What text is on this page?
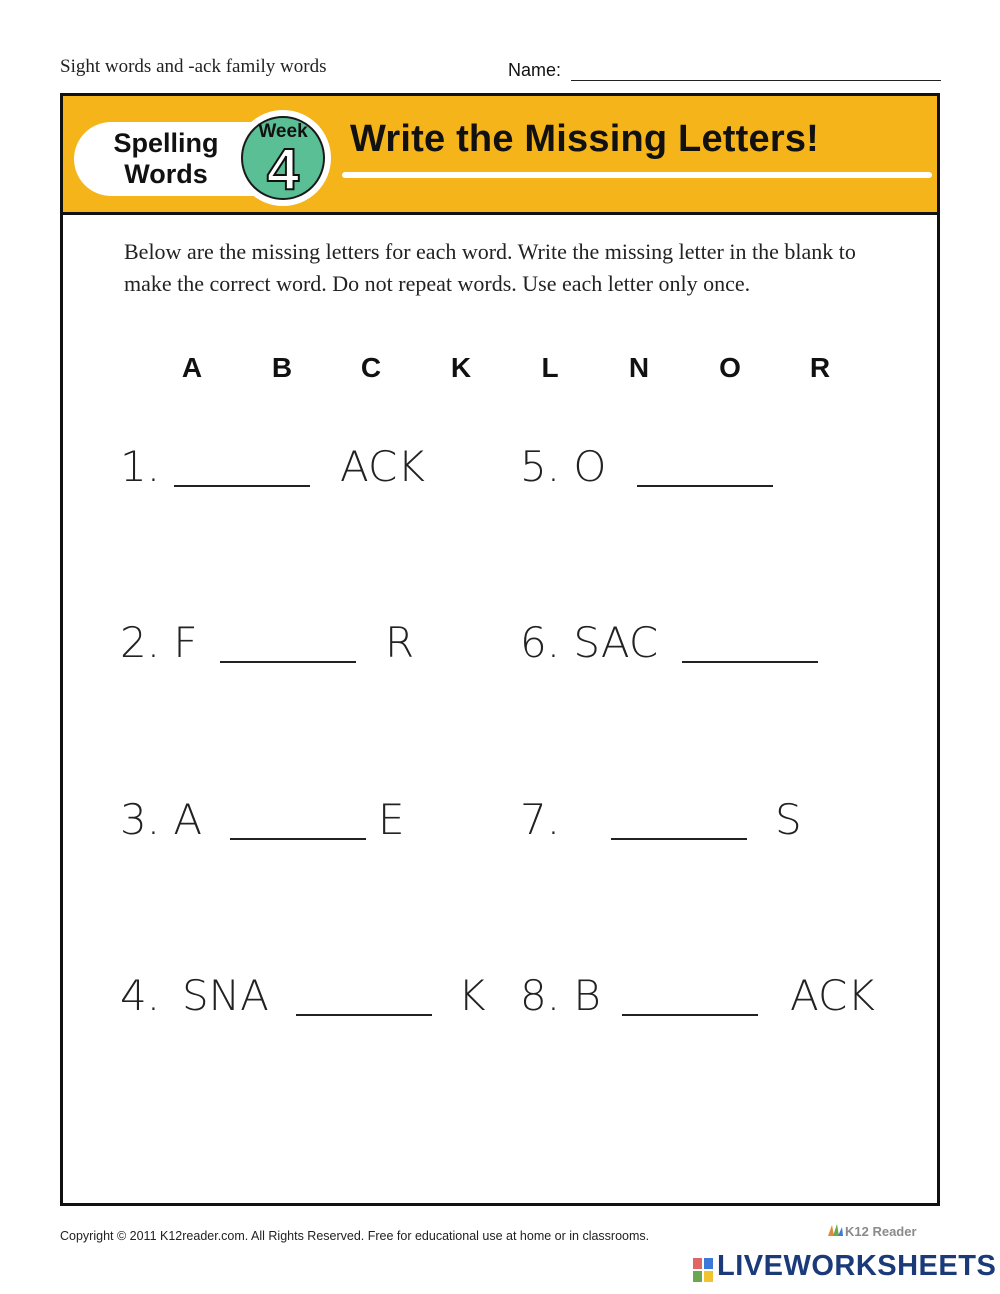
Sight words and -ack family words	Name:
Spelling Words
Week
4	Write the Missing Letters!
Below are the missing letters for each word. Write the missing letter in the blank to make the correct word. Do not repeat words. Use each letter only once.
A	B	C	K	L	N	O	R
1.	ACK 5. O
2. F	R	6. SAC
3. A	E	7.	S
4. SNA	K 8. B	ACK
Copyright © 2011 K12reader.com. All Rights Reserved. Free for educational use at home or in classrooms.	K12 Reader
LIVEWORKSHEETS
